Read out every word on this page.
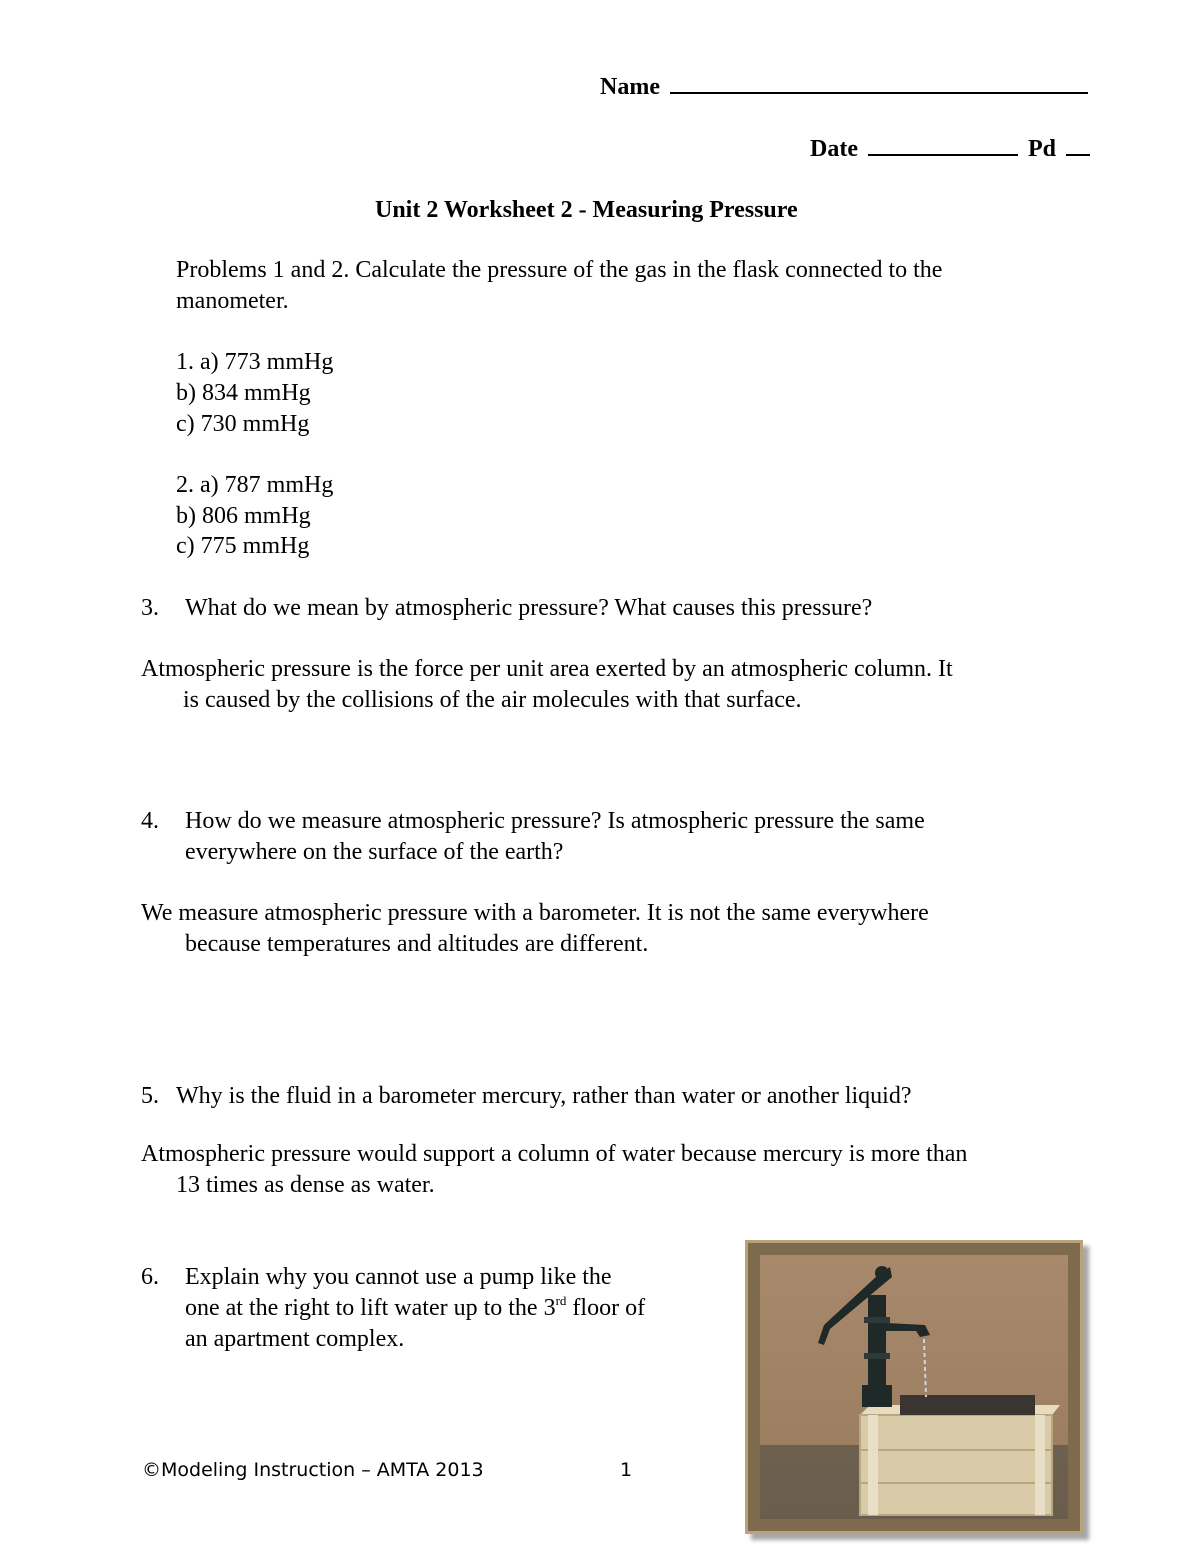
Name
Date	Pd
Unit 2 Worksheet 2 - Measuring Pressure
Problems 1 and 2. Calculate the pressure of the gas in the flask connected to the
manometer.
1. a) 773 mmHg
b) 834 mmHg
c) 730 mmHg
2. a) 787 mmHg
b) 806 mmHg
c) 775 mmHg
3. What do we mean by atmospheric pressure? What causes this pressure?
Atmospheric pressure is the force per unit area exerted by an atmospheric column. It
is caused by the collisions of the air molecules with that surface.
4. How do we measure atmospheric pressure? Is atmospheric pressure the same
everywhere on the surface of the earth?
We measure atmospheric pressure with a barometer. It is not the same everywhere
because temperatures and altitudes are different.
5. Why is the fluid in a barometer mercury, rather than water or another liquid?
Atmospheric pressure would support a column of water because mercury is more than
13 times as dense as water.
6. Explain why you cannot use a pump like the
one at the right to lift water up to the 3rd floor of
an apartment complex.
©Modeling Instruction – AMTA 2013	1
